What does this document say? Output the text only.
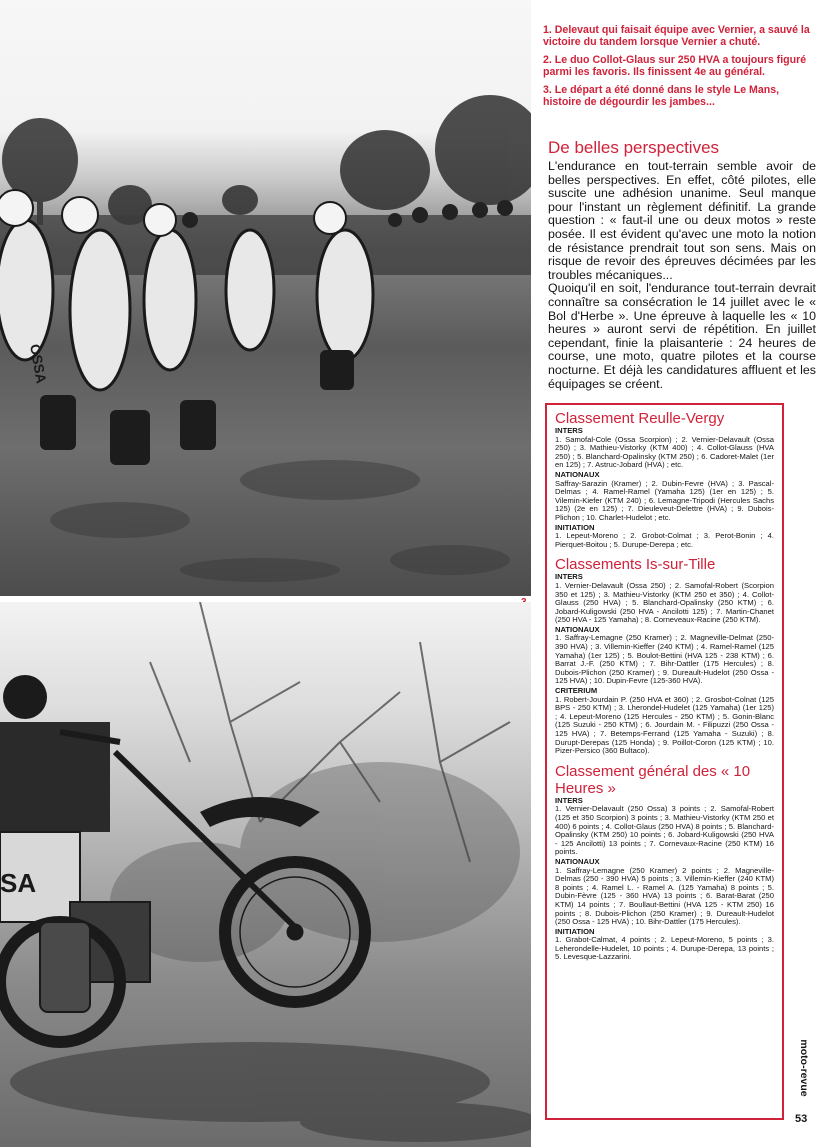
OSSA
SA

1. Delevaut qui faisait équipe avec Vernier, a sauvé la victoire du tandem lorsque Vernier a chuté.

2. Le duo Collot-Glaus sur 250 HVA a toujours figuré parmi les favoris. Ils finissent 4e au général.

3. Le départ a été donné dans le style Le Mans, histoire de dégourdir les jambes...

De belles perspectives

L'endurance en tout-terrain semble avoir de belles perspectives. En effet, côté pilotes, elle suscite une adhésion unanime. Seul manque pour l'instant un règlement définitif. La grande question : « faut-il une ou deux motos » reste posée. Il est évident qu'avec une moto la notion de résistance prendrait tout son sens. Mais on risque de revoir des épreuves décimées par les troubles mécaniques...

Quoiqu'il en soit, l'endurance tout-terrain devrait connaître sa consécration le 14 juillet avec le « Bol d'Herbe ». Une épreuve à laquelle les « 10 heures » auront servi de répétition. En juillet cependant, finie la plaisanterie : 24 heures de course, une moto, quatre pilotes et la course nocturne. Et déjà les candidatures affluent et les équipages se créent.

Classement Reulle-Vergy

INTERS

1. Samofal-Cole (Ossa Scorpion) ; 2. Vernier-Delavault (Ossa 250) ; 3. Mathieu-Vistorky (KTM 400) ; 4. Collot-Glauss (HVA 250) ; 5. Blanchard-Opalinsky (KTM 250) ; 6. Cadoret-Malet (1er en 125) ; 7. Astruc-Jobard (HVA) ; etc.

NATIONAUX

Saffray-Sarazin (Kramer) ; 2. Dubin-Fevre (HVA) ; 3. Pascal-Delmas ; 4. Ramel-Ramel (Yamaha 125) (1er en 125) ; 5. Vilemin-Kiefer (KTM 240) ; 6. Lemagne-Tripodi (Hercules Sachs 125) (2e en 125) ; 7. Dieuleveut-Delettre (HVA) ; 9. Dubois-Plichon ; 10. Charlet-Hudelot ; etc.

INITIATION

1. Lepeut-Moreno ; 2. Grobot-Colmat ; 3. Perot-Bonin ; 4. Pierquet-Boitou ; 5. Durupe-Derepa ; etc.

Classements Is-sur-Tille

INTERS

1. Vernier-Delavault (Ossa 250) ; 2. Samofal-Robert (Scorpion 350 et 125) ; 3. Mathieu-Vistorky (KTM 250 et 350) ; 4. Collot-Glauss (250 HVA) ; 5. Blanchard-Opalinsky (250 KTM) ; 6. Jobard-Kuligowski (250 HVA - Ancilotti 125) ; 7. Martin-Chanet (250 HVA - 125 Yamaha) ; 8. Corneveaux-Racine (250 KTM).

NATIONAUX

1. Saffray-Lemagne (250 Kramer) ; 2. Magneville-Delmat (250-390 HVA) ; 3. Villemin-Kieffer (240 KTM) ; 4. Ramel-Ramel (125 Yamaha) (1er 125) ; 5. Boulot-Bettini (HVA 125 - 238 KTM) ; 6. Barrat J.-F. (250 KTM) ; 7. Bihr-Dattler (175 Hercules) ; 8. Dubois-Plichon (250 Kramer) ; 9. Dureault-Hudelot (250 Ossa - 125 HVA) ; 10. Dupin-Fevre (125-360 HVA).

CRITERIUM

1. Robert-Jourdain P. (250 HVA et 360) ; 2. Grosbot-Colnat (125 BPS - 250 KTM) ; 3. Lherondel-Hudelet (125 Yamaha) (1er 125) ; 4. Lepeut-Moreno (125 Hercules - 250 KTM) ; 5. Gonin-Blanc (125 Suzuki - 250 KTM) ; 6. Jourdain M. - Filipuzzi (250 Ossa - 125 HVA) ; 7. Betemps-Ferrand (125 Yamaha - Suzuki) ; 8. Durupt-Derepas (125 Honda) ; 9. Poillot-Coron (125 KTM) ; 10. Pizer-Persico (360 Bultaco).

Classement général des « 10 Heures »

INTERS

1. Vernier-Delavault (250 Ossa) 3 points ; 2. Samofal-Robert (125 et 350 Scorpion) 3 points ; 3. Mathieu-Vistorky (KTM 250 et 400) 6 points ; 4. Collot-Glaus (250 HVA) 8 points ; 5. Blanchard-Opalinsky (KTM 250) 10 points ; 6. Jobard-Kuligowski (250 HVA - 125 Ancilotti) 13 points ; 7. Cornevaux-Racine (250 KTM) 16 points.

NATIONAUX

1. Saffray-Lemagne (250 Kramer) 2 points ; 2. Magneville-Delmas (250 - 390 HVA) 5 points ; 3. Villemin-Kieffer (240 KTM) 8 points ; 4. Ramel L. - Ramel A. (125 Yamaha) 8 points ; 5. Dubin-Fèvre (125 - 360 HVA) 13 points ; 6. Barat-Barat (250 KTM) 14 points ; 7. Boullaut-Bettini (HVA 125 - KTM 250) 16 points ; 8. Dubois-Plichon (250 Kramer) ; 9. Dureault-Hudelot (250 Ossa - 125 HVA) ; 10. Bihr-Dattler (175 Hercules).

INITIATION

1. Grabot-Calmat, 4 points ; 2. Lepeut-Moreno, 5 points ; 3. Leherondelle-Hudelet, 10 points ; 4. Durupe-Derepa, 13 points ; 5. Levesque-Lazzarini.

moto-revue
53
